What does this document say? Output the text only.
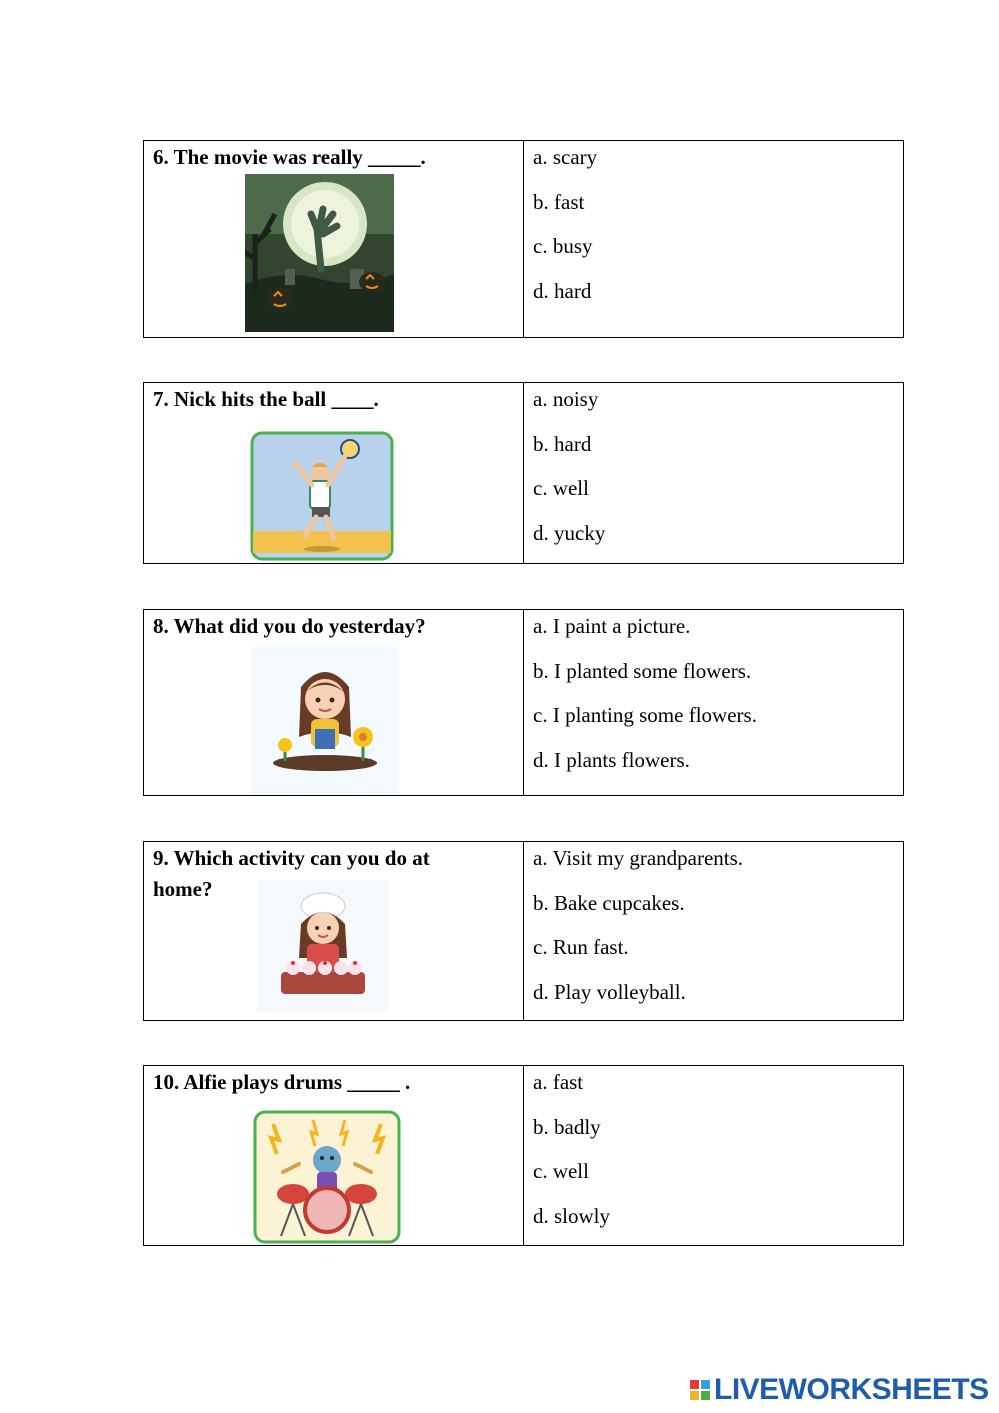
6. The movie was really _____.	a. scary
b. fast
c. busy
d. hard
7. Nick hits the ball ____.	a. noisy
b. hard
c. well
d. yucky
8. What did you do yesterday?	a. I paint a picture.
b. I planted some flowers.
c. I planting some flowers.
d. I plants flowers.
9. Which activity can you do at home?
a. Visit my grandparents.
b. Bake cupcakes.
c. Run fast.
d. Play volleyball.
10. Alfie plays drums _____ .	a. fast
b. badly
c. well
d. slowly
LIVEWORKSHEETS
